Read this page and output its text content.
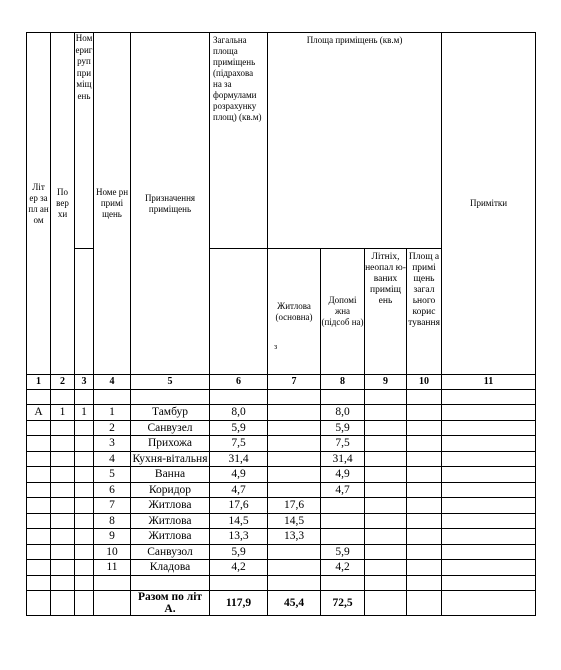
Літ ер за пл ан ом	По вер хи	Номериг рупприміщень	Номе рн примі щень	Призначення приміщень	Загальна площа приміщень (підрахова на за формулами розрахунку площ) (кв.м)	Площа приміщень (кв.м)				Примітки
						Житлова (основна)
з	Допомі жна (підсоб на)	Літніх, неопал ю- ваних приміщ ень	Площ а примі щень загал ьного корис тування	
1	2	3	4	5	6	7	8	9	10	11

А	1	1	1	Тамбур	8,0		8,0			
			2	Санвузел	5,9		5,9			
			3	Прихожа	7,5		7,5			
			4	Кухня-вітальня	31,4		31,4			
			5	Ванна	4,9		4,9			
			6	Коридор	4,7		4,7			
			7	Житлова	17,6	17,6				
			8	Житлова	14,5	14,5				
			9	Житлова	13,3	13,3				
			10	Санвузол	5,9		5,9			
			11	Кладова	4,2		4,2			

				Разом по літ А.	117,9	45,4	72,5			
